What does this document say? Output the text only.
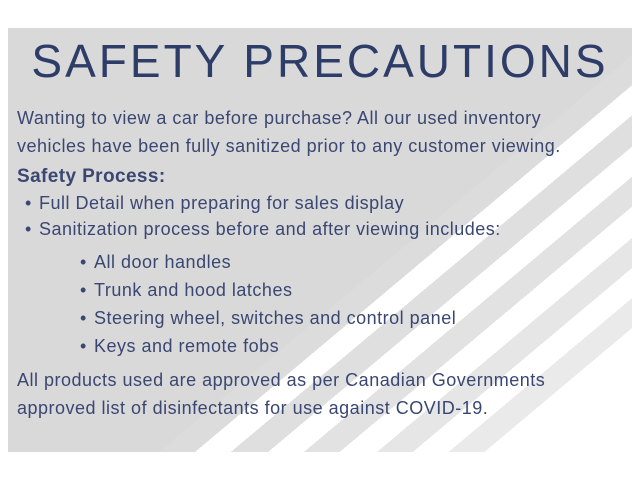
SAFETY PRECAUTIONS
Wanting to view a car before purchase? All our used inventory
vehicles have been fully sanitized prior to any customer viewing.
Safety Process:
• Full Detail when preparing for sales display
• Sanitization process before and after viewing includes:
• All door handles
• Trunk and hood latches
• Steering wheel, switches and control panel
• Keys and remote fobs
All products used are approved as per Canadian Governments
approved list of disinfectants for use against COVID-19.
